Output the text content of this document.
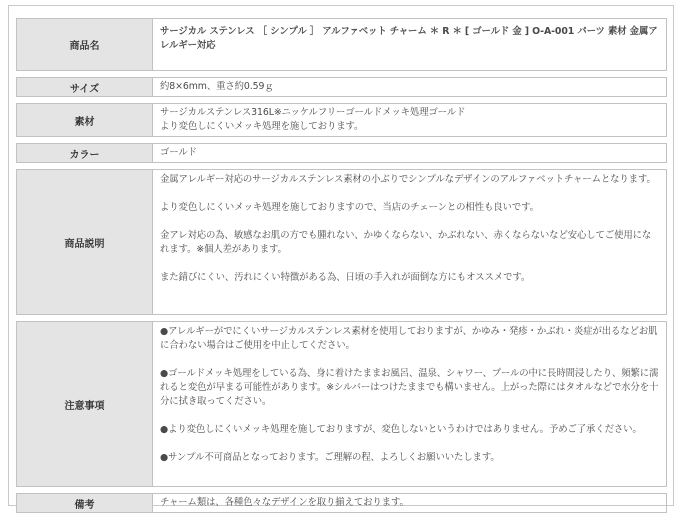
商品名	サージカル ステンレス ［ シンプル ］ アルファベット チャーム ＊ R ＊ [ ゴールド 金 ] O-A-001 パーツ 素材 金属アレルギー対応
サイズ	約8×6mm、重さ約0.59ｇ
素材	サージカルステンレス316L※ニッケルフリーゴールドメッキ処理ゴールド

より変色しにくいメッキ処理を施しております。

カラー	ゴールド
商品説明	金属アレルギー対応のサージカルステンレス素材の小ぶりでシンプルなデザインのアルファベットチャームとなります。

より変色しにくいメッキ処理を施しておりますので、当店のチェーンとの相性も良いです。

金アレ対応の為、敏感なお肌の方でも腫れない、かゆくならない、かぶれない、赤くならないなど安心してご使用になれます。※個人差があります。

また錆びにくい、汚れにくい特徴がある為、日頃の手入れが面倒な方にもオススメです。

注意事項	●アレルギーがでにくいサージカルステンレス素材を使用しておりますが、かゆみ・発疹・かぶれ・炎症が出るなどお肌に合わない場合はご使用を中止してください。

●ゴールドメッキ処理をしている為、身に着けたままお風呂、温泉、シャワー、プールの中に長時間浸したり、頻繁に濡れると変色が早まる可能性があります。※シルバーはつけたままでも構いません。上がった際にはタオルなどで水分を十分に拭き取ってください。

●より変色しにくいメッキ処理を施しておりますが、変色しないというわけではありません。予めご了承ください。

●サンプル不可商品となっております。ご理解の程、よろしくお願いいたします。

備考	チャーム類は、各種色々なデザインを取り揃えております。
